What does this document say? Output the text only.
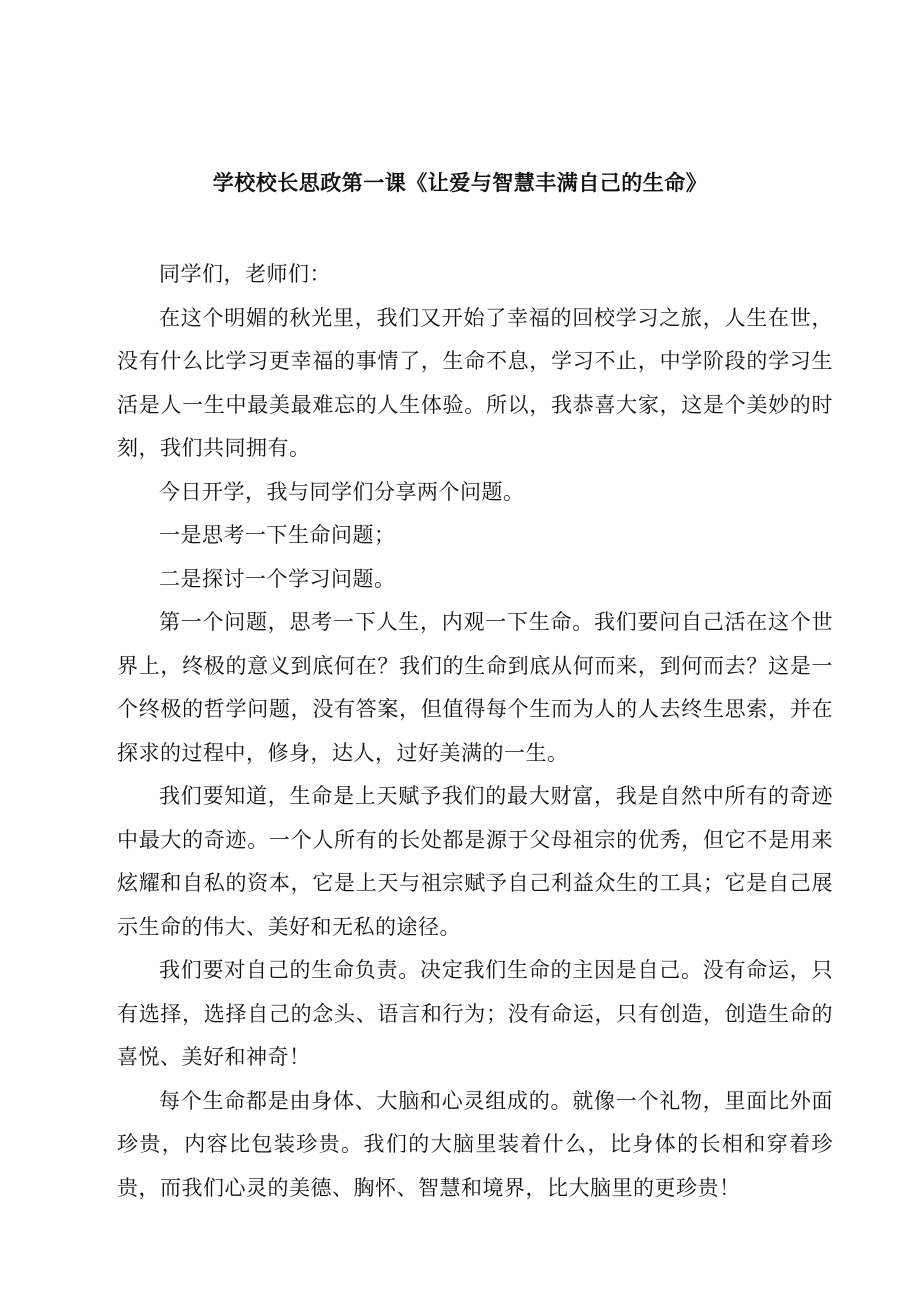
学校校长思政第一课《让爱与智慧丰满自己的生命》

同学们，老师们：

在这个明媚的秋光里，我们又开始了幸福的回校学习之旅，人生在世，没有什么比学习更幸福的事情了，生命不息，学习不止，中学阶段的学习生活是人一生中最美最难忘的人生体验。所以，我恭喜大家，这是个美妙的时刻，我们共同拥有。

今日开学，我与同学们分享两个问题。

一是思考一下生命问题；

二是探讨一个学习问题。

第一个问题，思考一下人生，内观一下生命。我们要问自己活在这个世界上，终极的意义到底何在？我们的生命到底从何而来，到何而去？这是一个终极的哲学问题，没有答案，但值得每个生而为人的人去终生思索，并在探求的过程中，修身，达人，过好美满的一生。

我们要知道，生命是上天赋予我们的最大财富，我是自然中所有的奇迹中最大的奇迹。一个人所有的长处都是源于父母祖宗的优秀，但它不是用来炫耀和自私的资本，它是上天与祖宗赋予自己利益众生的工具；它是自己展示生命的伟大、美好和无私的途径。

我们要对自己的生命负责。决定我们生命的主因是自己。没有命运，只有选择，选择自己的念头、语言和行为；没有命运，只有创造，创造生命的喜悦、美好和神奇！

每个生命都是由身体、大脑和心灵组成的。就像一个礼物，里面比外面珍贵，内容比包装珍贵。我们的大脑里装着什么，比身体的长相和穿着珍贵，而我们心灵的美德、胸怀、智慧和境界，比大脑里的更珍贵！
